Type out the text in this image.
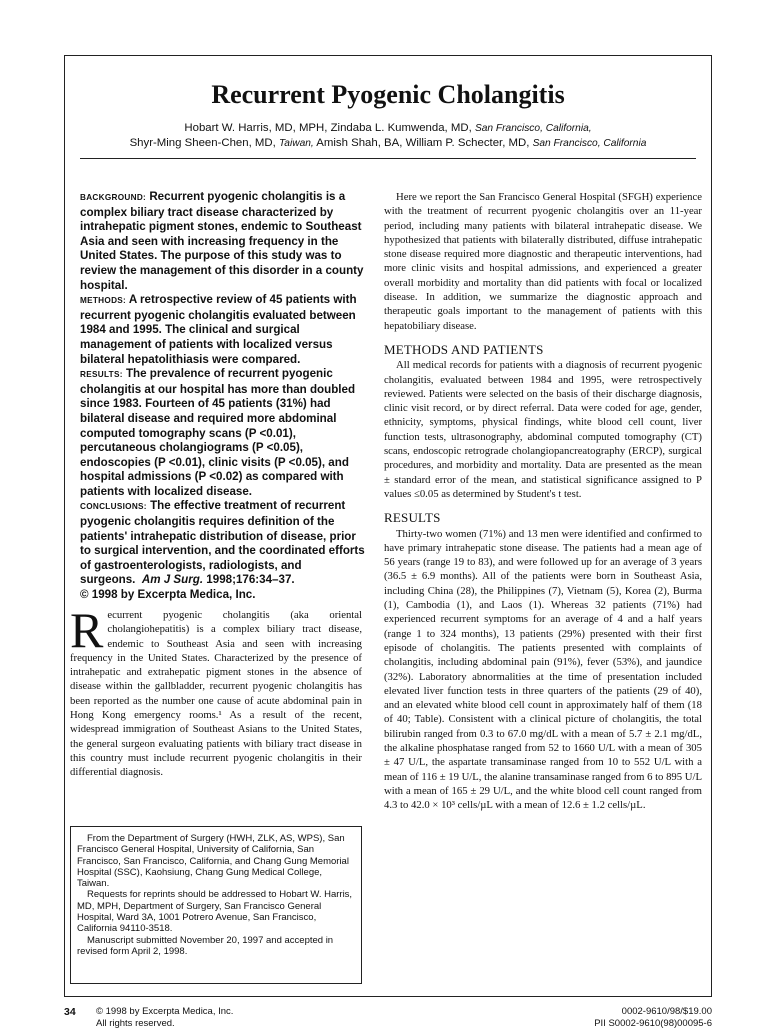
Recurrent Pyogenic Cholangitis
Hobart W. Harris, MD, MPH, Zindaba L. Kumwenda, MD, San Francisco, California,
Shyr-Ming Sheen-Chen, MD, Taiwan, Amish Shah, BA, William P. Schecter, MD, San Francisco, California

BACKGROUND: Recurrent pyogenic cholangitis is a complex biliary tract disease characterized by intrahepatic pigment stones, endemic to Southeast Asia and seen with increasing frequency in the United States. The purpose of this study was to review the management of this disorder in a county hospital.

METHODS: A retrospective review of 45 patients with recurrent pyogenic cholangitis evaluated between 1984 and 1995. The clinical and surgical management of patients with localized versus bilateral hepatolithiasis were compared.

RESULTS: The prevalence of recurrent pyogenic cholangitis at our hospital has more than doubled since 1983. Fourteen of 45 patients (31%) had bilateral disease and required more abdominal computed tomography scans (P <0.01), percutaneous cholangiograms (P <0.05), endoscopies (P <0.01), clinic visits (P <0.05), and hospital admissions (P <0.02) as compared with patients with localized disease.

CONCLUSIONS: The effective treatment of recurrent pyogenic cholangitis requires definition of the patients' intrahepatic distribution of disease, prior to surgical intervention, and the coordinated efforts of gastroenterologists, radiologists, and surgeons. Am J Surg. 1998;176:34–37.

© 1998 by Excerpta Medica, Inc.

Recurrent pyogenic cholangitis (aka oriental cholangiohepatitis) is a complex biliary tract disease, endemic to Southeast Asia and seen with increasing frequency in the United States. Characterized by the presence of intrahepatic and extrahepatic pigment stones in the absence of disease within the gallbladder, recurrent pyogenic cholangitis has been reported as the number one cause of acute abdominal pain in Hong Kong emergency rooms.¹ As a result of the recent, widespread immigration of Southeast Asians to the United States, the general surgeon evaluating patients with biliary tract disease in this country must include recurrent pyogenic cholangitis in their differential diagnosis.

From the Department of Surgery (HWH, ZLK, AS, WPS), San Francisco General Hospital, University of California, San Francisco, San Francisco, California, and Chang Gung Memorial Hospital (SSC), Kaohsiung, Chang Gung Medical College, Taiwan.

Requests for reprints should be addressed to Hobart W. Harris, MD, MPH, Department of Surgery, San Francisco General Hospital, Ward 3A, 1001 Potrero Avenue, San Francisco, California 94110-3518.

Manuscript submitted November 20, 1997 and accepted in revised form April 2, 1998.

Here we report the San Francisco General Hospital (SFGH) experience with the treatment of recurrent pyogenic cholangitis over an 11-year period, including many patients with bilateral intrahepatic disease. We hypothesized that patients with bilaterally distributed, diffuse intrahepatic stone disease required more diagnostic and therapeutic interventions, had more clinic visits and hospital admissions, and experienced a greater overall morbidity and mortality than did patients with focal or localized disease. In addition, we summarize the diagnostic approach and therapeutic goals important to the management of patients with this hepatobiliary disease.

METHODS AND PATIENTS

All medical records for patients with a diagnosis of recurrent pyogenic cholangitis, evaluated between 1984 and 1995, were retrospectively reviewed. Patients were selected on the basis of their discharge diagnosis, clinic visit record, or by direct referral. Data were coded for age, gender, ethnicity, symptoms, physical findings, white blood cell count, liver function tests, ultrasonography, abdominal computed tomography (CT) scans, endoscopic retrograde cholangiopancreatography (ERCP), surgical procedures, and morbidity and mortality. Data are presented as the mean ± standard error of the mean, and statistical significance assigned to P values ≤0.05 as determined by Student's t test.

RESULTS

Thirty-two women (71%) and 13 men were identified and confirmed to have primary intrahepatic stone disease. The patients had a mean age of 56 years (range 19 to 83), and were followed up for an average of 3 years (36.5 ± 6.9 months). All of the patients were born in Southeast Asia, including China (28), the Philippines (7), Vietnam (5), Korea (2), Burma (1), Cambodia (1), and Laos (1). Whereas 32 patients (71%) had experienced recurrent symptoms for an average of 4 and a half years (range 1 to 324 months), 13 patients (29%) presented with their first episode of cholangitis. The patients presented with complaints of cholangitis, including abdominal pain (91%), fever (53%), and jaundice (32%). Laboratory abnormalities at the time of presentation included elevated liver function tests in three quarters of the patients (29 of 40), and an elevated white blood cell count in approximately half of them (18 of 40; Table). Consistent with a clinical picture of cholangitis, the total bilirubin ranged from 0.3 to 67.0 mg/dL with a mean of 5.7 ± 2.1 mg/dL, the alkaline phosphatase ranged from 52 to 1660 U/L with a mean of 305 ± 47 U/L, the aspartate transaminase ranged from 10 to 552 U/L with a mean of 116 ± 19 U/L, the alanine transaminase ranged from 6 to 895 U/L with a mean of 165 ± 29 U/L, and the white blood cell count ranged from 4.3 to 42.0 × 10³ cells/µL with a mean of 12.6 ± 1.2 cells/µL.

34 © 1998 by Excerpta Medica, Inc.
All rights reserved.
0002-9610/98/$19.00
PII S0002-9610(98)00095-6
